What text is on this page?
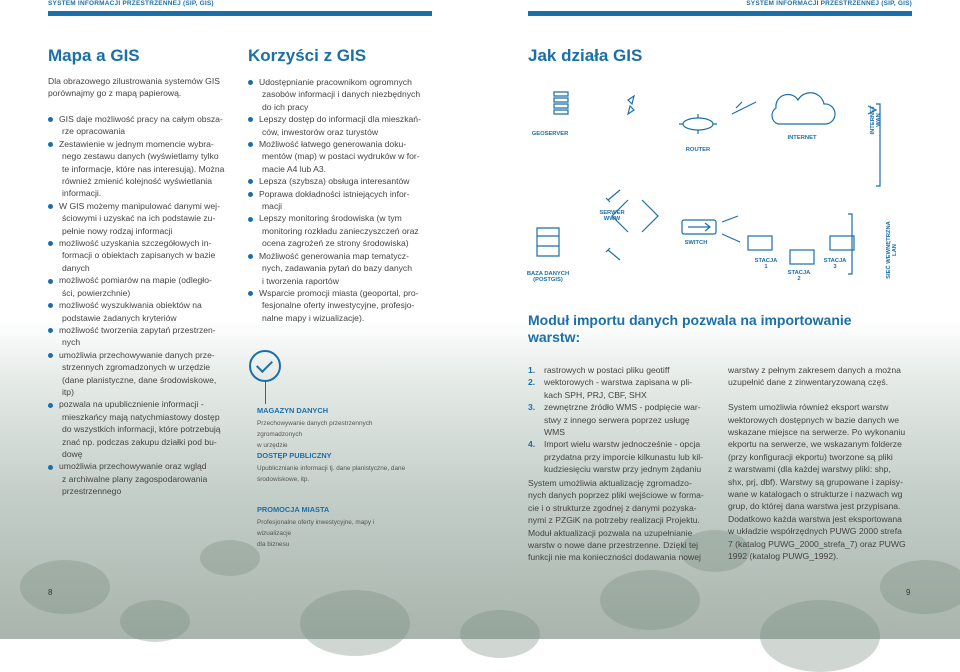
SYSTEM INFORMACJI PRZESTRZENNEJ (SIP, GIS)	SYSTEM INFORMACJI PRZESTRZENNEJ (SIP, GIS)
Mapa a GIS	Korzyści z GIS	Jak działa GIS
Dla obrazowego zilustrowania systemów GIS
porównajmy go z mapą papierową.
GIS daje możliwość pracy na całym obsza-
rze opracowania
Zestawienie w jednym momencie wybra-
nego zestawu danych (wyświetlamy tylko
te informacje, które nas interesują). Można
również zmienić kolejność wyświetlania
informacji.
W GIS możemy manipulować danymi wej-
ściowymi i uzyskać na ich podstawie zu-
pełnie nowy rodzaj informacji
możliwość uzyskania szczegółowych in-
formacji o obiektach zapisanych w bazie
danych
możliwość pomiarów na mapie (odległo-
ści, powierzchnie)
możliwość wyszukiwania obiektów na
podstawie żadanych kryteriów
możliwość tworzenia zapytań przestrzen-
nych
umożliwia przechowywanie danych prze-
strzennych zgromadzonych w urzędzie
(dane planistyczne, dane środowiskowe,
itp)
pozwala na upublicznienie informacji -
mieszkańcy mają natychmiastowy dostęp
do wszystkich informacji, które potrzebują
znać np. podczas zakupu działki pod bu-
dowę
umożliwia przechowywanie oraz wgląd
z archiwalne plany zagospodarowania
przestrzennego
Udostępnianie pracownikom ogromnych
zasobów informacji i danych niezbędnych
do ich pracy
Lepszy dostęp do informacji dla mieszkań-
ców, inwestorów oraz turystów
Możliwość łatwego generowania doku-
mentów (map) w postaci wydruków w for-
macie A4 lub A3.
Lepsza (szybsza) obsługa interesantów
Poprawa dokładności istniejących infor-
macji
Lepszy monitoring środowiska (w tym
monitoring rozkładu zanieczyszczeń oraz
ocena zagrożeń ze strony środowiska)
Możliwość generowania map tematycz-
nych, zadawania pytań do bazy danych
i tworzenia raportów
Wsparcie promocji miasta (geoportal, pro-
fesjonalne oferty inwestycyjne, profesjo-
nalne mapy i wizualizacje).
MAGAZYN DANYCH
Przechowywanie danych przestrzennych zgromadzonych
w urzędzie
DOSTĘP PUBLICZNY
Upublicznianie informacji tj. dane planistyczne, dane
środowiskowe, itp.
PROMOCJA MIASTA
Profesjonalne oferty inwestycyjne, mapy i wizualizacje
dla biznesu
GEOSERVER
ROUTER
INTERNET
SERWER
WWW
BAZA DANYCH
(POSTGIS)
SWITCH
STACJA
1
STACJA
2
STACJA
3
INTERNET WAN
SIEĆ WEWNĘTRZNA LAN
Moduł importu danych pozwala na importowanie
warstw:
1. rastrowych w postaci pliku geotiff
2. wektorowych - warstwa zapisana w pli-
kach SPH, PRJ, CBF, SHX
3. zewnętrzne źródło WMS - podpięcie war-
stwy z innego serwera poprzez usługę
WMS
4. Import wielu warstw jednocześnie - opcja
przydatna przy imporcie kilkunastu lub kil-
kudziesięciu warstw przy jednym żądaniu
System umożliwia aktualizację zgromadzo-
nych danych poprzez pliki wejściowe w forma-
cie i o strukturze zgodnej z danymi pozyska-
nymi z PZGiK na potrzeby realizacji Projektu.
Moduł aktualizacji pozwala na uzupełnianie
warstw o nowe dane przestrzenne. Dzięki tej
funkcji nie ma konieczności dodawania nowej
warstwy z pełnym zakresem danych a można
uzupełnić dane z zinwentaryzowaną częś.
System umożliwia również eksport warstw
wektorowych dostępnych w bazie danych we
wskazane miejsce na serwerze. Po wykonaniu
ekportu na serwerze, we wskazanym folderze
(przy konfiguracji ekportu) tworzone są pliki
z warstwami (dla każdej warstwy pliki: shp,
shx, prj, dbf). Warstwy są grupowane i zapisy-
wane w katalogach o strukturze i nazwach wg
grup, do której dana warstwa jest przypisana.
Dodatkowo każda warstwa jest eksportowana
w układzie współrzędnych PUWG 2000 strefa
7 (katalog PUWG_2000_strefa_7) oraz PUWG
1992 (katalog PUWG_1992).
8	9
